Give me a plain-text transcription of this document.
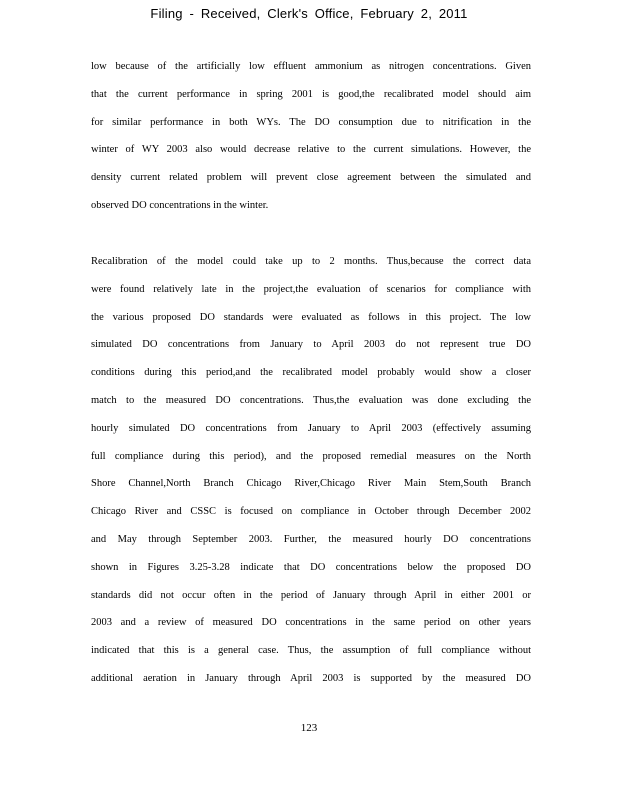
Filing - Received, Clerk's Office, February 2, 2011
low because of the artificially low effluent ammonium as nitrogen concentrations. Given
that the current performance in spring 2001 is good,the recalibrated model should aim
for similar performance in both WYs. The DO consumption due to nitrification in the
winter of WY 2003 also would decrease relative to the current simulations. However, the
density current related problem will prevent close agreement between the simulated and
observed DO concentrations in the winter.
Recalibration of the model could take up to 2 months. Thus,because the correct data
were found relatively late in the project,the evaluation of scenarios for compliance with
the various proposed DO standards were evaluated as follows in this project. The low
simulated DO concentrations from January to April 2003 do not represent true DO
conditions during this period,and the recalibrated model probably would show a closer
match to the measured DO concentrations. Thus,the evaluation was done excluding the
hourly simulated DO concentrations from January to April 2003 (effectively assuming
full compliance during this period), and the proposed remedial measures on the North
Shore Channel,North Branch Chicago River,Chicago River Main Stem,South Branch
Chicago River and CSSC is focused on compliance in October through December 2002
and May through September 2003. Further, the measured hourly DO concentrations
shown in Figures 3.25-3.28 indicate that DO concentrations below the proposed DO
standards did not occur often in the period of January through April in either 2001 or
2003 and a review of measured DO concentrations in the same period on other years
indicated that this is a general case. Thus, the assumption of full compliance without
additional aeration in January through April 2003 is supported by the measured DO
123
